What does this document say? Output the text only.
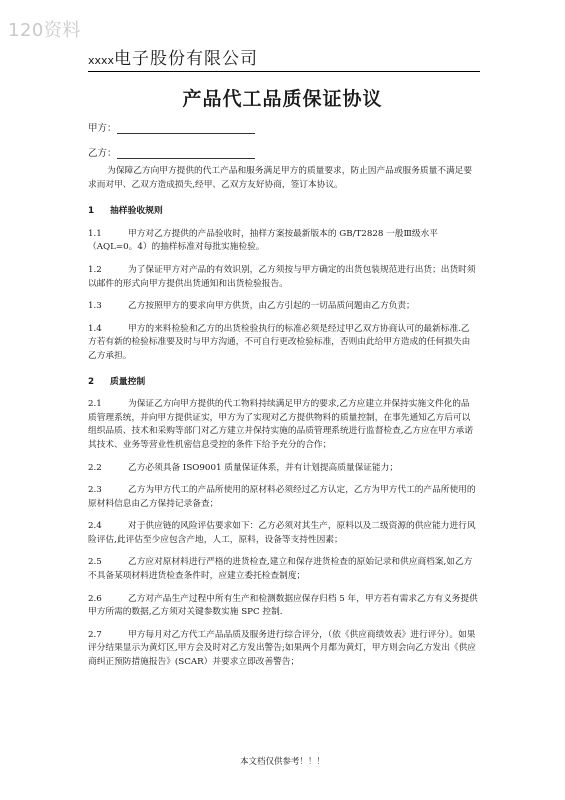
120资料
xxxx电子股份有限公司
产品代工品质保证协议
甲方：
乙方：

为保障乙方向甲方提供的代工产品和服务满足甲方的质量要求，防止因产品或服务质量不满足要求而对甲、乙双方造成损失,经甲、乙双方友好协商，签订本协议。

1 抽样验收规则

1.1	甲方对乙方提供的产品验收时，抽样方案按最新版本的 GB/T2828 一般Ⅲ级水平（AQL=0。4）的抽样标准对每批实施检验。

1.2	为了保证甲方对产品的有效识别，乙方须按与甲方确定的出货包装规范进行出货；出货时须以邮件的形式向甲方提供出货通知和出货检验报告。

1.3	乙方按照甲方的要求向甲方供货，由乙方引起的一切品质问题由乙方负责；

1.4	甲方的来料检验和乙方的出货检验执行的标准必须是经过甲乙双方协商认可的最新标准.乙方若有新的检验标准要及时与甲方沟通，不可自行更改检验标准，否则由此给甲方造成的任何损失由乙方承担。

2 质量控制

2.1	为保证乙方向甲方提供的代工物料持续满足甲方的要求,乙方应建立并保持实施文件化的品质管理系统，并向甲方提供证实，甲方为了实现对乙方提供物料的质量控制，在事先通知乙方后可以组织品质、技术和采购等部门对乙方建立并保持实施的品质管理系统进行监督检查,乙方应在甲方承诺其技术、业务等营业性机密信息受控的条件下给予充分的合作；

2.2	乙方必须具备 ISO9001 质量保证体系，并有计划提高质量保证能力；

2.3	乙方为甲方代工的产品所使用的原材料必须经过乙方认定，乙方为甲方代工的产品所使用的原材料信息由乙方保持记录备查；

2.4	对于供应链的风险评估要求如下：乙方必须对其生产，原料以及二级资源的供应能力进行风险评估,此评估至少应包含产地，人工，原料，设备等支持性因素；

2.5	乙方应对原材料进行严格的进货检查,建立和保存进货检查的原始记录和供应商档案,如乙方不具备某项材料进货检查条件时，应建立委托检查制度；

2.6	乙方对产品生产过程中所有生产和检测数据应保存归档 5 年，甲方若有需求乙方有义务提供甲方所需的数据,乙方须对关键参数实施 SPC 控制.

2.7	甲方每月对乙方代工产品品质及服务进行综合评分，（依《供应商绩效表》进行评分）。如果评分结果显示为黄灯区,甲方会及时对乙方发出警告;如果两个月都为黄灯，甲方则会向乙方发出《供应商纠正预防措施报告》(SCAR）并要求立即改善警告；

本文档仅供参考！！！
